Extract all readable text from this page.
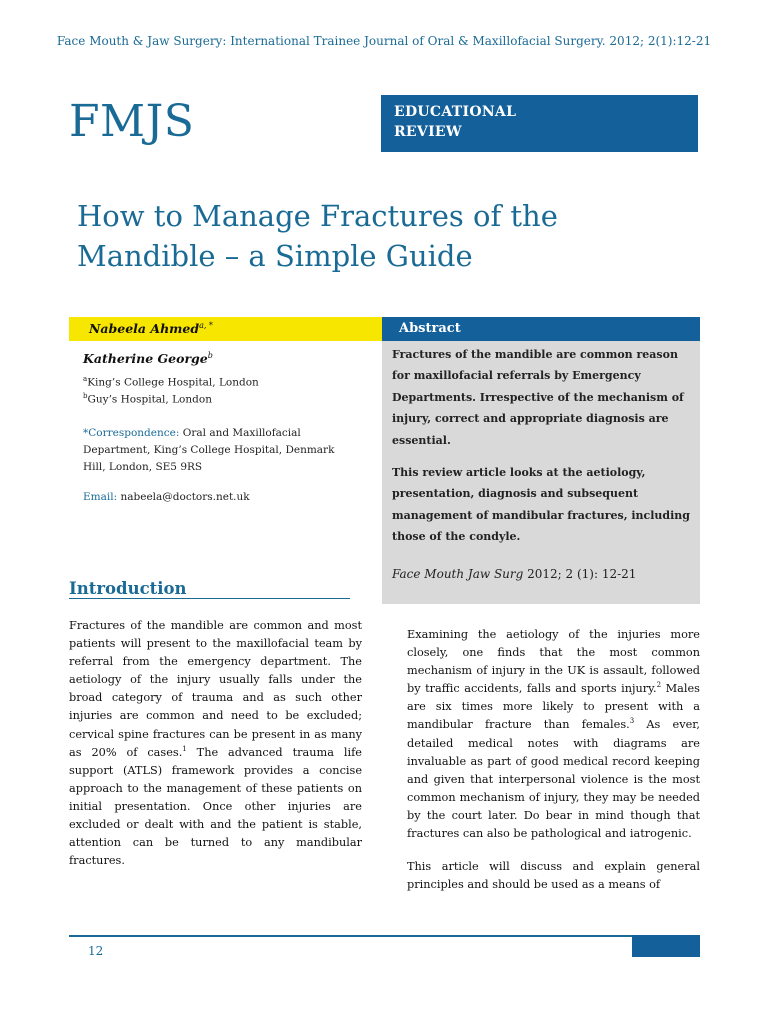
Face Mouth & Jaw Surgery: International Trainee Journal of Oral & Maxillofacial Surgery. 2012; 2(1):12-21
FMJS	EDUCATIONAL
REVIEW
How to Manage Fractures of the
Mandible – a Simple Guide
Nabeela Ahmed$^{a, *}$	Abstract
Fractures of the mandible are common reason for maxillofacial referrals by Emergency Departments. Irrespective of the mechanism of injury, correct and appropriate diagnosis are essential.
This review article looks at the aetiology, presentation, diagnosis and subsequent management of mandibular fractures, including those of the condyle.
Face Mouth Jaw Surg 2012; 2 (1): 12-21
Katherine George$^b$
$^a$King’s College Hospital, London
$^b$Guy’s Hospital, London
*Correspondence: Oral and Maxillofacial Department, King’s College Hospital, Denmark Hill, London, SE5 9RS
Email: nabeela@doctors.net.uk
Introduction

Fractures of the mandible are common and most patients will present to the maxillofacial team by referral from the emergency department. The aetiology of the injury usually falls under the broad category of trauma and as such other injuries are common and need to be excluded; cervical spine fractures can be present in as many as 20% of cases.$^1$ The advanced trauma life support (ATLS) framework provides a concise approach to the management of these patients on initial presentation. Once other injuries are excluded or dealt with and the patient is stable, attention can be turned to any mandibular fractures.

Examining the aetiology of the injuries more closely, one finds that the most common mechanism of injury in the UK is assault, followed by traffic accidents, falls and sports injury.$^2$ Males are six times more likely to present with a mandibular fracture than females.$^3$ As ever, detailed medical notes with diagrams are invaluable as part of good medical record keeping and given that interpersonal violence is the most common mechanism of injury, they may be needed by the court later. Do bear in mind though that fractures can also be pathological and iatrogenic.

This article will discuss and explain general principles and should be used as a means of

12
